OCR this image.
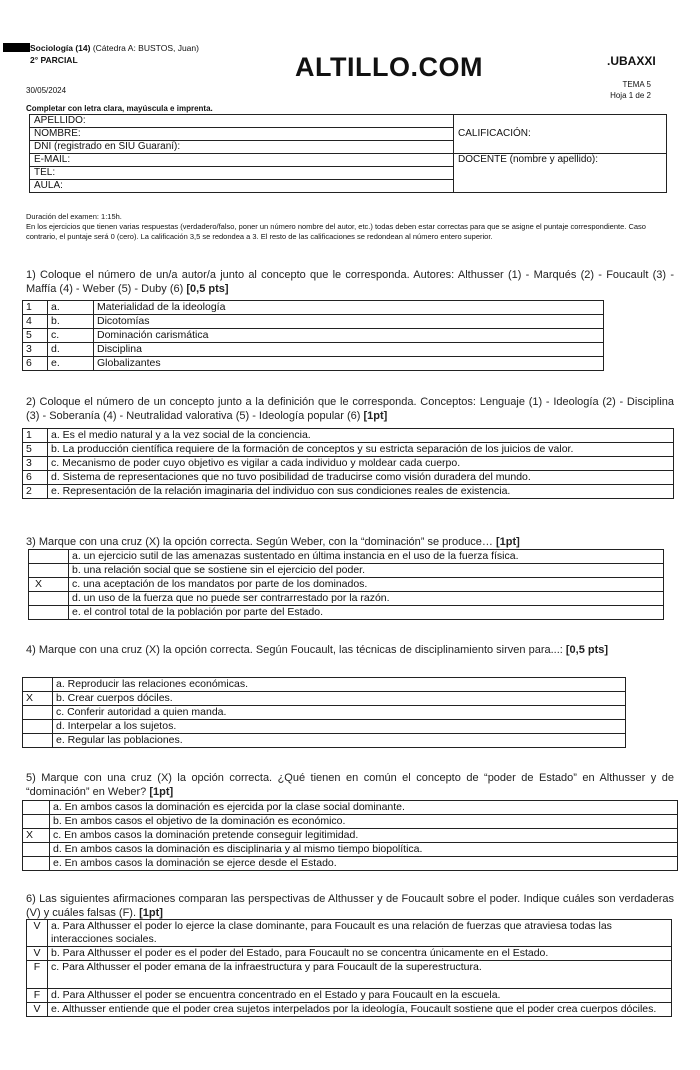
Sociología (14) (Cátedra A: BUSTOS, Juan)
2° PARCIAL	ALTILLO.COM	.UBAXXI
TEMA 5
Hoja 1 de 2
30/05/2024
Completar con letra clara, mayúscula e imprenta.
APELLIDO:	CALIFICACIÓN:
NOMBRE:	
DNI (registrado en SIU Guaraní):	
E-MAIL:	DOCENTE (nombre y apellido):
TEL:	
AULA:	
Duración del examen: 1:15h.
En los ejercicios que tienen varias respuestas (verdadero/falso, poner un número nombre del autor, etc.) todas deben estar correctas para que se asigne el puntaje correspondiente. Caso contrario, el puntaje será 0 (cero). La calificación 3,5 se redondea a 3. El resto de las calificaciones se redondean al número entero superior.
1) Coloque el número de un/a autor/a junto al concepto que le corresponda. Autores: Althusser (1) - Marqués (2) - Foucault (3) - Maffía (4) - Weber (5) - Duby (6) [0,5 pts]
1	a.	Materialidad de la ideología
4	b.	Dicotomías
5	c.	Dominación carismática
3	d.	Disciplina
6	e.	Globalizantes
2) Coloque el número de un concepto junto a la definición que le corresponda. Conceptos: Lenguaje (1) - Ideología (2) - Disciplina (3) - Soberanía (4) - Neutralidad valorativa (5) - Ideología popular (6) [1pt]
1	a. Es el medio natural y a la vez social de la conciencia.
5	b. La producción científica requiere de la formación de conceptos y su estricta separación de los juicios de valor.
3	c. Mecanismo de poder cuyo objetivo es vigilar a cada individuo y moldear cada cuerpo.
6	d. Sistema de representaciones que no tuvo posibilidad de traducirse como visión duradera del mundo.
2	e. Representación de la relación imaginaria del individuo con sus condiciones reales de existencia.
3) Marque con una cruz (X) la opción correcta. Según Weber, con la “dominación” se produce… [1pt]
	a. un ejercicio sutil de las amenazas sustentado en última instancia en el uso de la fuerza física.
	b. una relación social que se sostiene sin el ejercicio del poder.
X	c. una aceptación de los mandatos por parte de los dominados.
	d. un uso de la fuerza que no puede ser contrarrestado por la razón.
	e. el control total de la población por parte del Estado.
4) Marque con una cruz (X) la opción correcta. Según Foucault, las técnicas de disciplinamiento sirven para...: [0,5 pts]
	a. Reproducir las relaciones económicas.
X	b. Crear cuerpos dóciles.
	c. Conferir autoridad a quien manda.
	d. Interpelar a los sujetos.
	e. Regular las poblaciones.
5) Marque con una cruz (X) la opción correcta. ¿Qué tienen en común el concepto de “poder de Estado” en Althusser y de “dominación” en Weber? [1pt]
	a. En ambos casos la dominación es ejercida por la clase social dominante.
	b. En ambos casos el objetivo de la dominación es económico.
X	c. En ambos casos la dominación pretende conseguir legitimidad.
	d. En ambos casos la dominación es disciplinaria y al mismo tiempo biopolítica.
	e. En ambos casos la dominación se ejerce desde el Estado.
6) Las siguientes afirmaciones comparan las perspectivas de Althusser y de Foucault sobre el poder. Indique cuáles son verdaderas (V) y cuáles falsas (F). [1pt]
V	a. Para Althusser el poder lo ejerce la clase dominante, para Foucault es una relación de fuerzas que atraviesa todas las interacciones sociales.
V	b. Para Althusser el poder es el poder del Estado, para Foucault no se concentra únicamente en el Estado.
F	c. Para Althusser el poder emana de la infraestructura y para Foucault de la superestructura.
F	d. Para Althusser el poder se encuentra concentrado en el Estado y para Foucault en la escuela.
V	e. Althusser entiende que el poder crea sujetos interpelados por la ideología, Foucault sostiene que el poder crea cuerpos dóciles.
